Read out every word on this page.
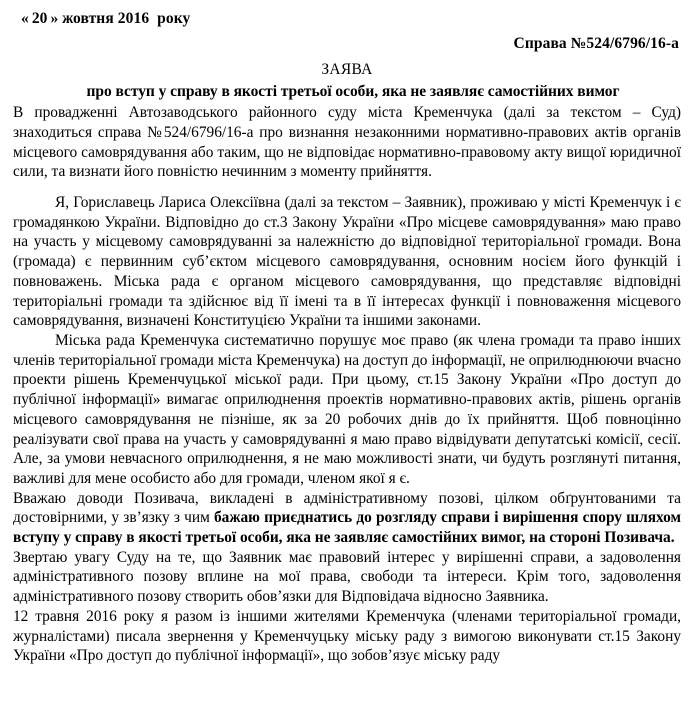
« 20 » жовтня 2016  року
Справа №524/6796/16-а
ЗАЯВА
про вступ у справу в якості третьої особи, яка не заявляє самостійних вимог

В провадженні Автозаводського районного суду міста Кременчука (далі за текстом – Суд) знаходиться справа №524/6796/16-а про визнання незаконними нормативно-правових актів органів місцевого самоврядування або таким, що не відповідає нормативно-правовому акту вищої юридичної сили, та визнати його повністю нечинним з моменту прийняття.

Я, Гориславець Лариса Олексіївна (далі за текстом – Заявник), проживаю у місті Кременчук і є громадянкою України. Відповідно до ст.3 Закону України «Про місцеве самоврядування» маю право на участь у місцевому самоврядуванні за належністю до відповідної територіальної громади. Вона (громада) є первинним суб’єктом місцевого самоврядування, основним носієм його функцій і повноважень. Міська рада є органом місцевого самоврядування, що представляє відповідні територіальні громади та здійснює від її імені та в її інтересах функції і повноваження місцевого самоврядування, визначені Конституцією України та іншими законами.

Міська рада Кременчука систематично порушує моє право (як члена громади та право інших членів територіальної громади міста Кременчука) на доступ до інформації, не оприлюднюючи вчасно проекти рішень Кременчуцької міської ради. При цьому, ст.15 Закону України «Про доступ до публічної інформації» вимагає оприлюднення проектів нормативно-правових актів, рішень органів місцевого самоврядування не пізніше, як за 20 робочих днів до їх прийняття. Щоб повноцінно реалізувати свої права на участь у самоврядуванні я маю право відвідувати депутатські комісії, сесії. Але, за умови невчасного оприлюднення, я не маю можливості знати, чи будуть розглянуті питання, важливі для мене особисто або для громади, членом якої я є.

Вважаю доводи Позивача, викладені в адміністративному позові, цілком обґрунтованими та достовірними, у зв’язку з чим бажаю приєднатись до розгляду справи і вирішення спору шляхом вступу у справу в якості третьої особи, яка не заявляє самостійних вимог, на стороні Позивача.

Звертаю увагу Суду на те, що Заявник має правовий інтерес у вирішенні справи, а задоволення адміністративного позову вплине на мої права, свободи та інтереси. Крім того, задоволення адміністративного позову створить обов’язки для Відповідача відносно Заявника.

12 травня 2016 року я разом із іншими жителями Кременчука (членами територіальної громади, журналістами) писала звернення у Кременчуцьку міську раду з вимогою виконувати ст.15 Закону України «Про доступ до публічної інформації», що зобов’язує міську раду
